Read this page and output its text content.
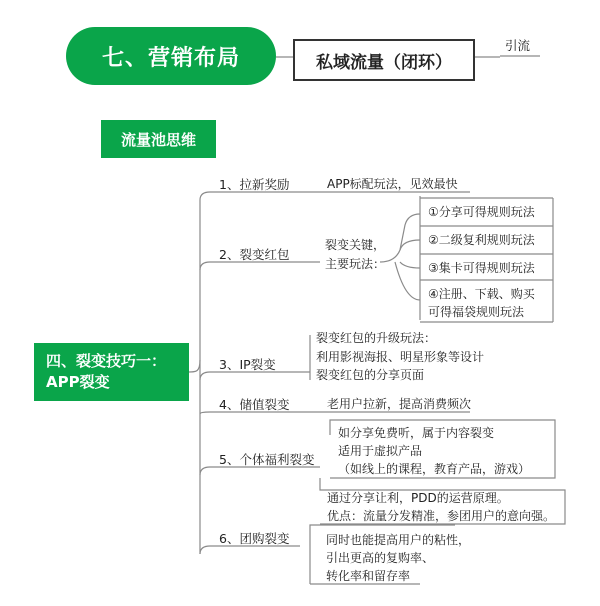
七、营销布局	私域流量（闭环）
引流
流量池思维
四、裂变技巧一：
APP裂变
1、拉新奖励
2、裂变红包
3、IP裂变
4、储值裂变
5、个体福利裂变
6、团购裂变
APP标配玩法，见效最快
裂变关键，
主要玩法：
①分享可得规则玩法
②二级复利规则玩法
③集卡可得规则玩法
④注册、下载、购买
可得福袋规则玩法
裂变红包的升级玩法：
利用影视海报、明星形象等设计
裂变红包的分享页面
老用户拉新，提高消费频次
如分享免费听，属于内容裂变
适用于虚拟产品
（如线上的课程，教育产品，游戏）
通过分享让利，PDD的运营原理。
优点：流量分发精准，参团用户的意向强。
同时也能提高用户的粘性，
引出更高的复购率、
转化率和留存率
